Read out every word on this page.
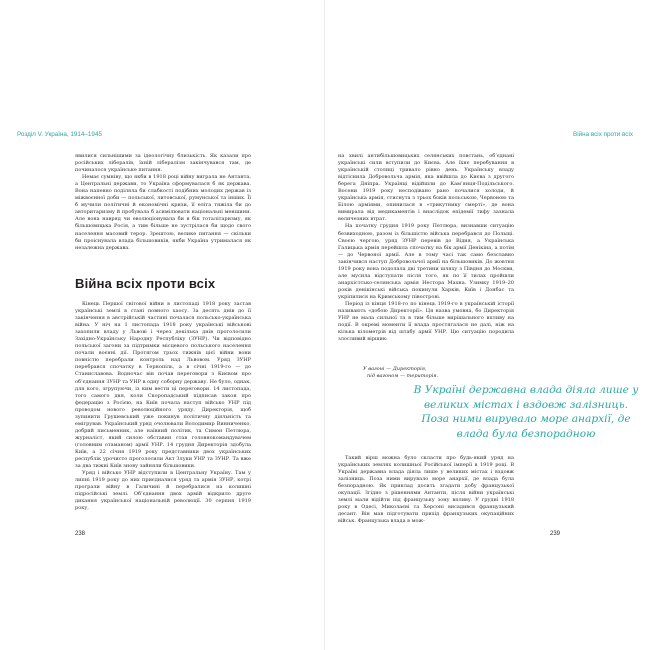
Розділ V. Україна, 1914–1945

явилися сильнішими за ідеологічну близькість. Як казали про російських лібералів, їхній лібералізм закінчувався там, де починалося українське питання.

Немає сумніву, що якби в 1918 році війну виграла не Антанта, а Центральні держави, то Україна сформувалася б як держава. Вона напевно поділяла би слабкості подібних молодих держав із міжвоєнної доби — польської, литовської, румунської та інших. Її б мучили політичні й економічні кризи, її елітa тяжіла би до авторитаризму й пробувала б асимілювати національні меншини. Але вона навряд чи еволюціонувала би в бік тоталітаризму, як більшовицька Росія, а тим більше не зустрілася би щодо свого населення масовий терор. Зрештою, велике питання — скільки би проіснувала влада більшовиків, якби Україна утрималася як незалежна держава.

Війна всіх проти всіх

Кінець Першої світової війни в листопаді 1918 року застав українські землі в стані повного хаосу. За десять днів до її закінчення в австрійській частині почалася польсько-українська війна. У ніч на 1 листопада 1918 року українські військові захопили владу у Львові і через декілька днів проголосили Західно-Українську Народну Республіку (ЗУНР). Чи відповідно польської загони за підтримки місцевого польського населення почали воєнні дії. Протягом трьох тижнів цієї війни вони повністю перебрали контроль над Львовом. Уряд ЗУНР перебрався спочатку в Тернопіль, а в січні 1919-го — до Станиславова. Водночас він почав переговори з Києвом про об’єднання ЗУНР та УНР в одну соборну державу. Не було, однак, для кого, згрупуючи, із ким вести ці переговори. 14 листопада, того самого дня, коли Скоропадський підписав закон про федерацію з Росією, на Київ почала наступ військо УНР під проводом нового революційного уряду. Директорія, щоб зупинити Грушевський уже покинув політичну діяльність та емігрував. Український уряд очолювали Володимир Винниченко, добрий письменник, але наївний політик, та Симон Петлюра, журналіст, який силою обставин став головнокомандувачем (головним отаманом) армії УНР. 14 грудня Директорія здобула Київ, а 22 січня 1919 року представники двох українських республік урочисто проголосили Акт Злуки УНР та ЗУНР. Та вже за два тижні Київ знову зайняли більшовики.

Уряд і військо УНР відступили в Центральну Україну. Там у липні 1919 року до них приєдналися уряд та армія ЗУНР, котрі програли війну в Галичині й перебралися на колишні підросійські землі. Об’єднання двох армій відкрило друге дихання української національній революції. 30 серпня 1919 року,

238
Війна всіх проти всіх

на хвилі антибільшовицьких селянських повстань, об’єднані українські сили вступили до Києва. Але їхнє перебування в українській столиці тривало рівно день. Українську владу відтіснила Добровольча армія, яка ввійшла до Києва з другого берега Дніпра. Українці відійшли до Кам’янця-Подільського. Восени 1919 року несподівано рано почалися холоди, й українська армія, стиснута з трьох боків польською, Червоною та Білою арміями, опинилася в «трикутнику смерті», де вона вимирала від медикаментів і внаслідок епідемії тифу зазнала величезних втрат.

На початку грудня 1919 року Петлюра, визнавши ситуацію безвиходною, разом із більшістю війська перебрався до Польщі. Своєю чергою, уряд ЗУНР перевів до Відня, а Українська Галицька армія перейшла спочатку на бік армії Денікіна, а потім — до Червоної армії. Але в тому часі так само безславно закінчився наступ Добровольчої армії на більшовиків. До жовтня 1919 року вона подолала дві третини шляху з Півдня до Москви, але мусила відступати після того, як по її тилах пройшли анархістсько-селянська армія Нестора Махна. Узимку 1919–20 років денікінські війська покинули Харків, Київ і Донбас та укріпилися на Кримському півострові.

Період із кінця 1918-го по кінець 1919-го в українській історії називають «добою Директорії». Ця назва умовна, бо Директорія УНР не мала сильної та в тим більше вирішального впливу на події. В окремі моменти її влада простягалася не далі, ніж на кілька кілометрів від штабу армії УНР. Цю ситуацію породила злосливий віршик:

У вагоні — Директорія,
під вагоном — територія.
В Україні державна влада діяла лише у великих містах і вздовж залізниць. Поза ними вирувало море анархії, де влада була безпорадною

Такий вірш можна було скласти про будь-який уряд на українських землях колишньої Російської імперії в 1919 році. В Україні державна влада діяла лише у великих містах і вздовж залізниць. Поза ними вирувало море анархії, де влада була безпорадною. Як приклад досить згадати добу французької окупації. Згідно з рішеннями Антанти, після війни українські землі мали відійти під французьку зону впливу. У грудні 1918 року в Одесі, Миколаєві та Херсоні висадився французький десант. Він мав підготувати прихід французьких окупаційних військ. Французька влада в мож-

239
